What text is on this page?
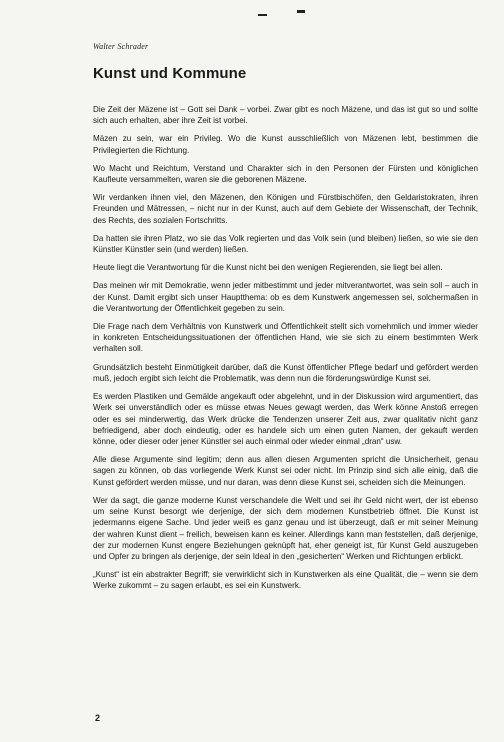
Walter Schrader
Kunst und Kommune

Die Zeit der Mäzene ist – Gott sei Dank – vorbei. Zwar gibt es noch Mäzene, und das ist gut so und sollte sich auch erhalten, aber ihre Zeit ist vorbei.

Mäzen zu sein, war ein Privileg. Wo die Kunst ausschließlich von Mäzenen lebt, bestimmen die Privilegierten die Richtung.

Wo Macht und Reichtum, Verstand und Charakter sich in den Personen der Fürsten und königlichen Kaufleute versammelten, waren sie die geborenen Mäzene.

Wir verdanken ihnen viel, den Mäzenen, den Königen und Fürstbischöfen, den Geldaristokraten, ihren Freunden und Mätressen, – nicht nur in der Kunst, auch auf dem Gebiete der Wissenschaft, der Technik, des Rechts, des sozialen Fortschritts.

Da hatten sie ihren Platz, wo sie das Volk regierten und das Volk sein (und bleiben) ließen, so wie sie den Künstler Künstler sein (und werden) ließen.

Heute liegt die Verantwortung für die Kunst nicht bei den wenigen Regierenden, sie liegt bei allen.

Das meinen wir mit Demokratie, wenn jeder mitbestimmt und jeder mitverantwortet, was sein soll – auch in der Kunst. Damit ergibt sich unser Hauptthema: ob es dem Kunstwerk angemessen sei, solchermaßen in die Verantwortung der Öffentlichkeit gegeben zu sein.

Die Frage nach dem Verhältnis von Kunstwerk und Öffentlichkeit stellt sich vornehmlich und immer wieder in konkreten Entscheidungssituationen der öffentlichen Hand, wie sie sich zu einem bestimmten Werk verhalten soll.

Grundsätzlich besteht Einmütigkeit darüber, daß die Kunst öffentlicher Pflege bedarf und gefördert werden muß, jedoch ergibt sich leicht die Problematik, was denn nun die förderungswürdige Kunst sei.

Es werden Plastiken und Gemälde angekauft oder abgelehnt, und in der Diskussion wird argumentiert, das Werk sei unverständlich oder es müsse etwas Neues gewagt werden, das Werk könne Anstoß erregen oder es sei minderwertig, das Werk drücke die Tendenzen unserer Zeit aus, zwar qualitativ nicht ganz befriedigend, aber doch eindeutig, oder es handele sich um einen guten Namen, der gekauft werden könne, oder dieser oder jener Künstler sei auch einmal oder wieder einmal „dran“ usw.

Alle diese Argumente sind legitim; denn aus allen diesen Argumenten spricht die Unsicherheit, genau sagen zu können, ob das vorliegende Werk Kunst sei oder nicht. Im Prinzip sind sich alle einig, daß die Kunst gefördert werden müsse, und nur daran, was denn diese Kunst sei, scheiden sich die Meinungen.

Wer da sagt, die ganze moderne Kunst verschandele die Welt und sei ihr Geld nicht wert, der ist ebenso um seine Kunst besorgt wie derjenige, der sich dem modernen Kunstbetrieb öffnet. Die Kunst ist jedermanns eigene Sache. Und jeder weiß es ganz genau und ist überzeugt, daß er mit seiner Meinung der wahren Kunst dient – freilich, beweisen kann es keiner. Allerdings kann man feststellen, daß derjenige, der zur modernen Kunst engere Beziehungen geknüpft hat, eher geneigt ist, für Kunst Geld auszugeben und Opfer zu bringen als derjenige, der sein Ideal in den „gesicherten“ Werken und Richtungen erblickt.

„Kunst“ ist ein abstrakter Begriff; sie verwirklicht sich in Kunstwerken als eine Qualität, die – wenn sie dem Werke zukommt – zu sagen erlaubt, es sei ein Kunstwerk.

2
